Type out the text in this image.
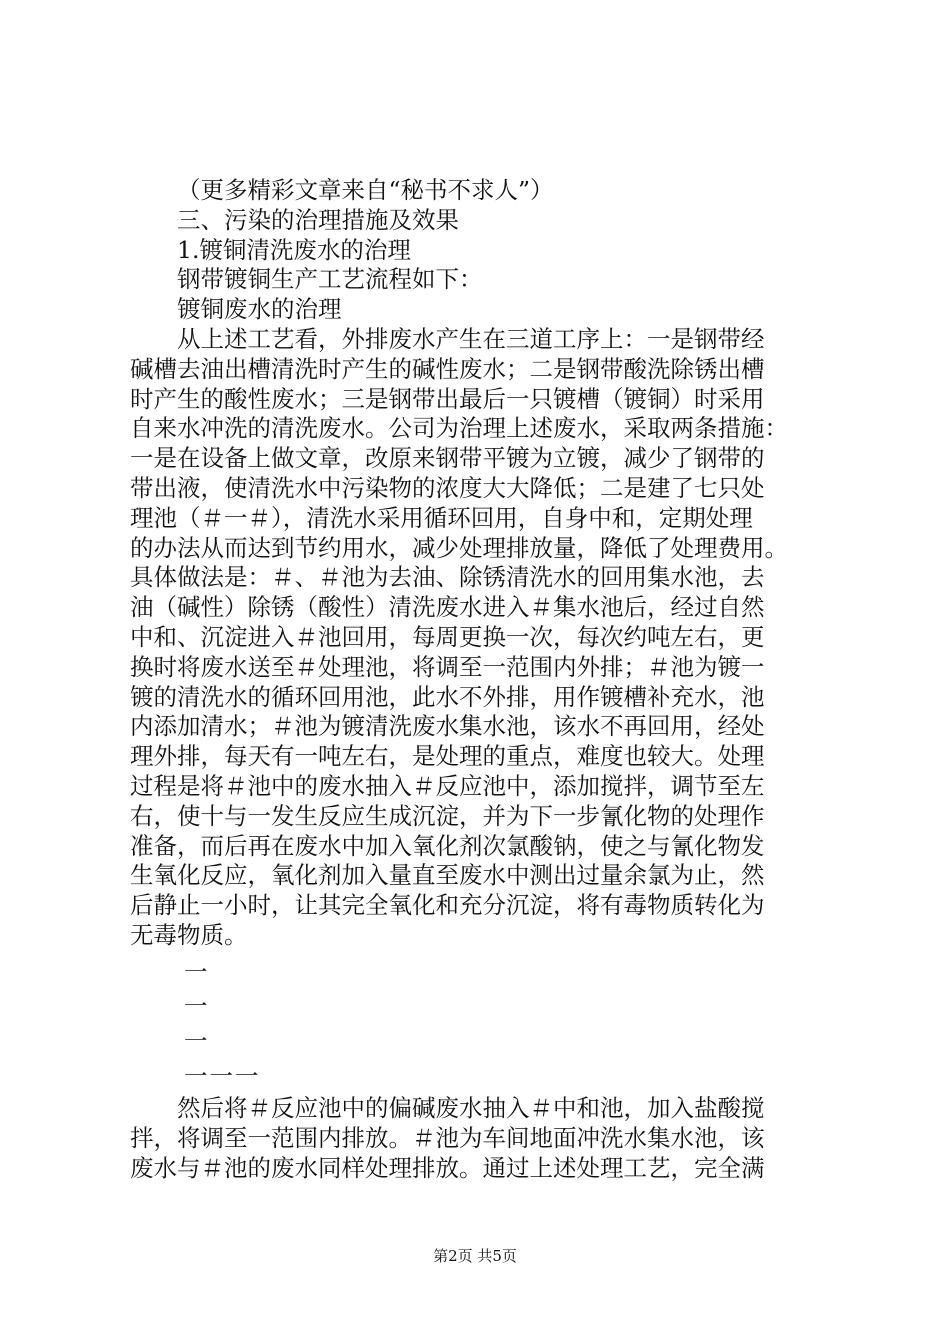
（更多精彩文章来自“秘书不求人”）
三、污染的治理措施及效果
1.镀铜清洗废水的治理
钢带镀铜生产工艺流程如下：
镀铜废水的治理
从上述工艺看，外排废水产生在三道工序上：一是钢带经
碱槽去油出槽清洗时产生的碱性废水；二是钢带酸洗除锈出槽
时产生的酸性废水；三是钢带出最后一只镀槽（镀铜）时采用
自来水冲洗的清洗废水。公司为治理上述废水，采取两条措施：
一是在设备上做文章，改原来钢带平镀为立镀，减少了钢带的
带出液，使清洗水中污染物的浓度大大降低；二是建了七只处
理池（＃一＃），清洗水采用循环回用，自身中和，定期处理
的办法从而达到节约用水，减少处理排放量，降低了处理费用。
具体做法是：＃、＃池为去油、除锈清洗水的回用集水池，去
油（碱性）除锈（酸性）清洗废水进入＃集水池后，经过自然
中和、沉淀进入＃池回用，每周更换一次，每次约吨左右，更
换时将废水送至＃处理池，将调至一范围内外排；＃池为镀一
镀的清洗水的循环回用池，此水不外排，用作镀槽补充水，池
内添加清水；＃池为镀清洗废水集水池，该水不再回用，经处
理外排，每天有一吨左右，是处理的重点，难度也较大。处理
过程是将＃池中的废水抽入＃反应池中，添加搅拌，调节至左
右，使十与一发生反应生成沉淀，并为下一步氰化物的处理作
准备，而后再在废水中加入氧化剂次氯酸钠，使之与氰化物发
生氧化反应，氧化剂加入量直至废水中测出过量余氯为止，然
后静止一小时，让其完全氧化和充分沉淀，将有毒物质转化为
无毒物质。
一
一
一
一一一
然后将＃反应池中的偏碱废水抽入＃中和池，加入盐酸搅
拌，将调至一范围内排放。＃池为车间地面冲洗水集水池，该
废水与＃池的废水同样处理排放。通过上述处理工艺，完全满
第2页 共5页
